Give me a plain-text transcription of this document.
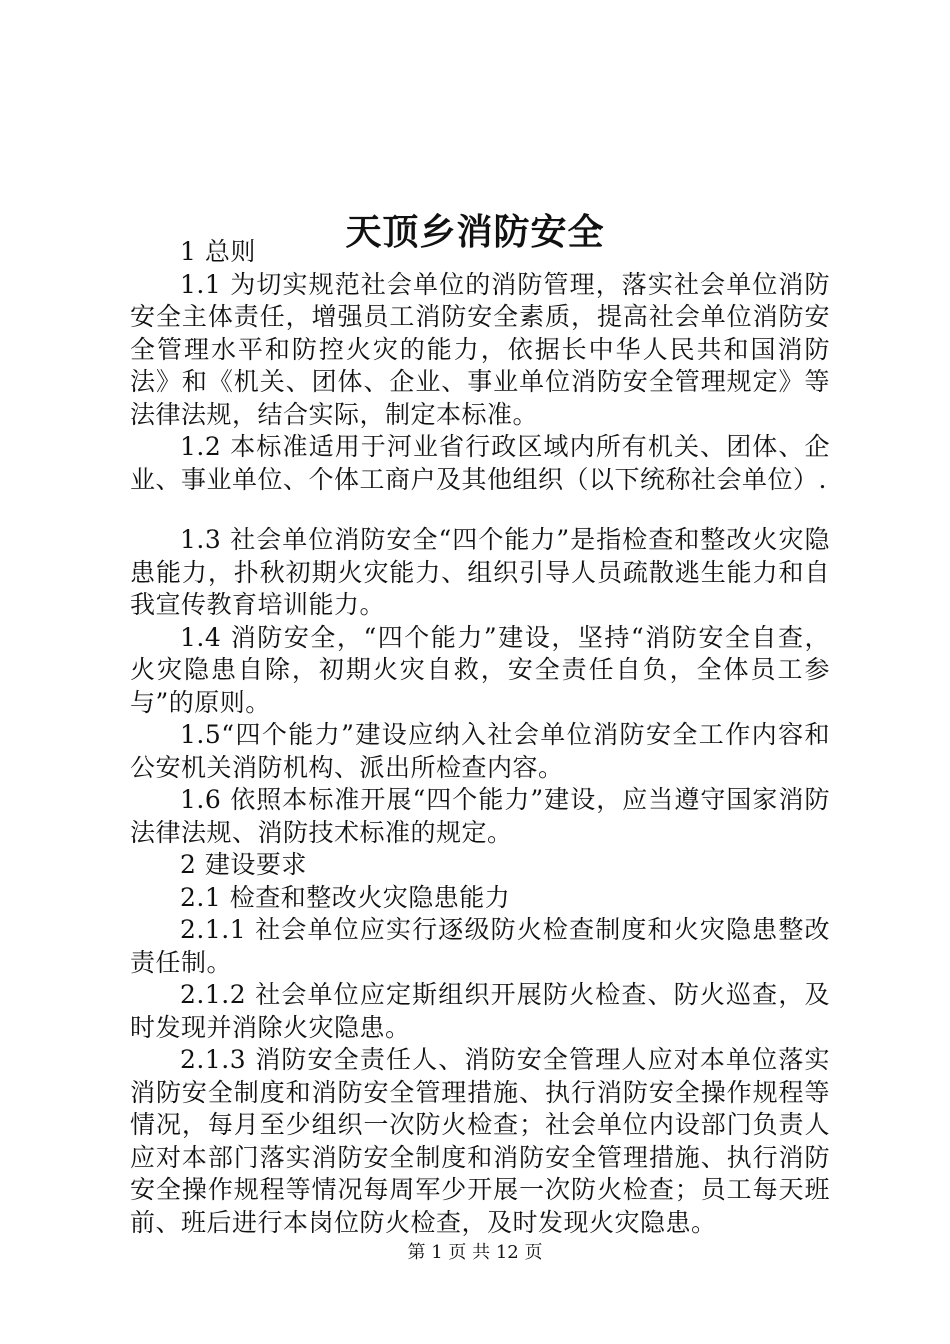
天顶乡消防安全

1 总则

1.1 为切实规范社会单位的消防管理，落实社会单位消防安全主体责任，增强员工消防安全素质，提高社会单位消防安全管理水平和防控火灾的能力，依据长中华人民共和国消防法》和《机关、团体、企业、事业单位消防安全管理规定》等法律法规，结合实际，制定本标准。

1.2 本标准适用于河业省行政区域内所有机关、团体、企业、事业单位、个体工商户及其他组织（以下统称社会单位）.

1.3 社会单位消防安全“四个能力”是指检查和整改火灾隐患能力，扑秋初期火灾能力、组织引导人员疏散逃生能力和自我宣传教育培训能力。

1.4 消防安全，“四个能力”建设，坚持“消防安全自查，火灾隐患自除，初期火灾自救，安全责任自负，全体员工参与”的原则。

1.5“四个能力”建设应纳入社会单位消防安全工作内容和公安机关消防机构、派出所检查内容。

1.6 依照本标准开展“四个能力”建设，应当遵守国家消防法律法规、消防技术标准的规定。

2 建设要求

2.1 检查和整改火灾隐患能力

2.1.1 社会单位应实行逐级防火检查制度和火灾隐患整改责任制。

2.1.2 社会单位应定斯组织开展防火检查、防火巡查，及时发现并消除火灾隐患。

2.1.3 消防安全责任人、消防安全管理人应对本单位落实消防安全制度和消防安全管理措施、执行消防安全操作规程等情况，每月至少组织一次防火检查；社会单位内设部门负责人应对本部门落实消防安全制度和消防安全管理措施、执行消防安全操作规程等情况每周军少开展一次防火检查；员工每天班前、班后进行本岗位防火检查，及时发现火灾隐患。

第 1 页 共 12 页
